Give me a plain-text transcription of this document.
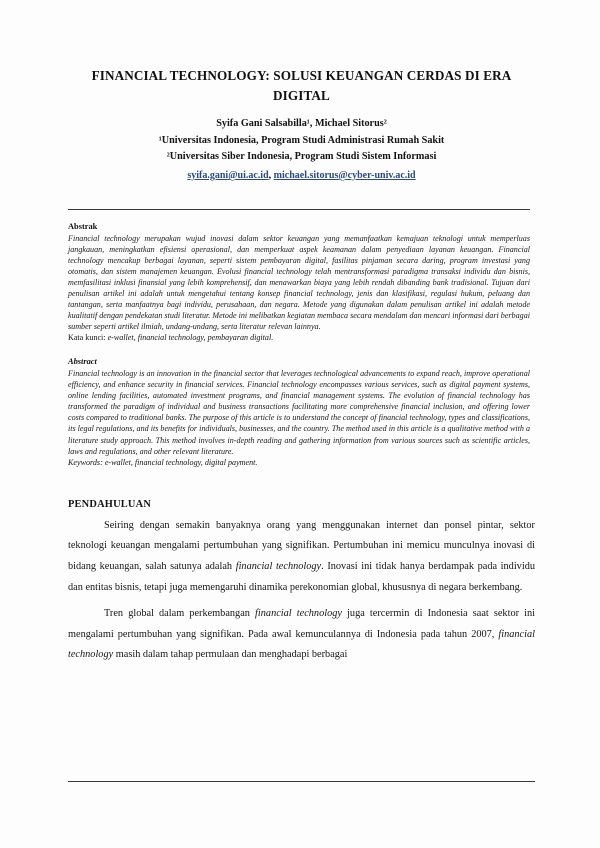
FINANCIAL TECHNOLOGY: SOLUSI KEUANGAN CERDAS DI ERA DIGITAL
Syifa Gani Salsabilla¹, Michael Sitorus²
¹Universitas Indonesia, Program Studi Administrasi Rumah Sakit
²Universitas Siber Indonesia, Program Studi Sistem Informasi
syifa.gani@ui.ac.id, michael.sitorus@cyber-univ.ac.id
Abstrak
Financial technology merupakan wujud inovasi dalam sektor keuangan yang memanfaatkan kemajuan teknologi untuk memperluas jangkauan, meningkatkan efisiensi operasional, dan memperkuat aspek keamanan dalam penyediaan layanan keuangan. Financial technology mencakup berbagai layanan, seperti sistem pembayaran digital, fasilitas pinjaman secara daring, program investasi yang otomatis, dan sistem manajemen keuangan. Evolusi financial technology telah mentransformasi paradigma transaksi individu dan bisnis, memfasilitasi inklusi finansial yang lebih komprehensif, dan menawarkan biaya yang lebih rendah dibanding bank tradisional. Tujuan dari penulisan artikel ini adalah untuk mengetahui tentang konsep financial technology, jenis dan klasifikasi, regulasi hukum, peluang dan tantangan, serta manfaatnya bagi individu, perusahaan, dan negara. Metode yang digunakan dalam penulisan artikel ini adalah metode kualitatif dengan pendekatan studi literatur. Metode ini melibatkan kegiatan membaca secara mendalam dan mencari informasi dari berbagai sumber seperti artikel ilmiah, undang-undang, serta literatur relevan lainnya.
Kata kunci: e-wallet, financial technology, pembayaran digital.
Abstract
Financial technology is an innovation in the financial sector that leverages technological advancements to expand reach, improve operational efficiency, and enhance security in financial services. Financial technology encompasses various services, such as digital payment systems, online lending facilities, automated investment programs, and financial management systems. The evolution of financial technology has transformed the paradigm of individual and business transactions facilitating more comprehensive financial inclusion, and offering lower costs compared to traditional banks. The purpose of this article is to understand the concept of financial technology, types and classifications, its legal regulations, and its benefits for individuals, businesses, and the country. The method used in this article is a qualitative method with a literature study approach. This method involves in-depth reading and gathering information from various sources such as scientific articles, laws and regulations, and other relevant literature.
Keywords: e-wallet, financial technology, digital payment.
PENDAHULUAN
Seiring dengan semakin banyaknya orang yang menggunakan internet dan ponsel pintar, sektor teknologi keuangan mengalami pertumbuhan yang signifikan. Pertumbuhan ini memicu munculnya inovasi di bidang keuangan, salah satunya adalah financial technology. Inovasi ini tidak hanya berdampak pada individu dan entitas bisnis, tetapi juga memengaruhi dinamika perekonomian global, khususnya di negara berkembang.
Tren global dalam perkembangan financial technology juga tercermin di Indonesia saat sektor ini mengalami pertumbuhan yang signifikan. Pada awal kemunculannya di Indonesia pada tahun 2007, financial technology masih dalam tahap permulaan dan menghadapi berbagai
